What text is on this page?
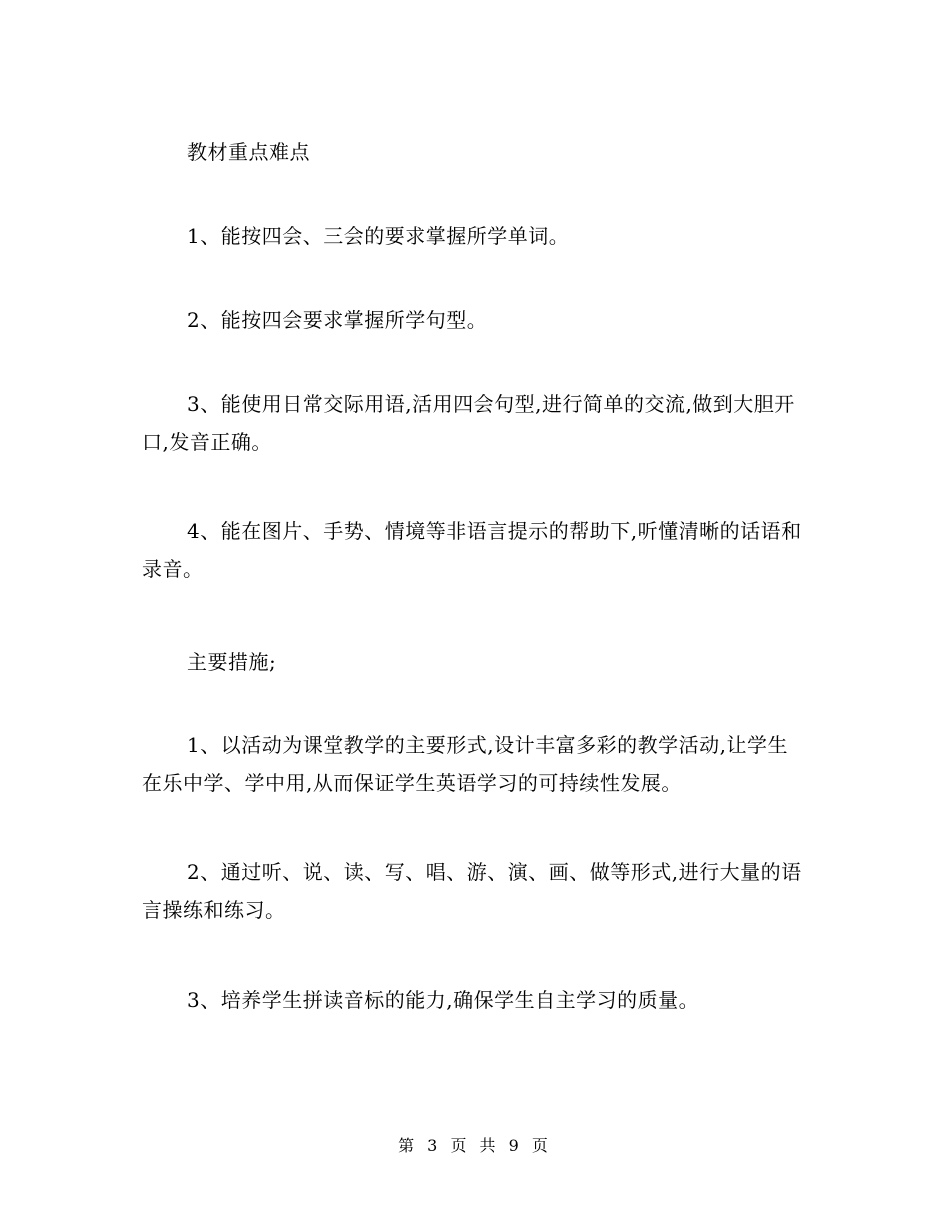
教材重点难点

1、能按四会、三会的要求掌握所学单词。

2、能按四会要求掌握所学句型。

3、能使用日常交际用语,活用四会句型,进行简单的交流,做到大胆开口,发音正确。

4、能在图片、手势、情境等非语言提示的帮助下,听懂清晰的话语和录音。

主要措施;

1、以活动为课堂教学的主要形式,设计丰富多彩的教学活动,让学生在乐中学、学中用,从而保证学生英语学习的可持续性发展。

2、通过听、说、读、写、唱、游、演、画、做等形式,进行大量的语言操练和练习。

3、培养学生拼读音标的能力,确保学生自主学习的质量。

第 3 页 共 9 页
